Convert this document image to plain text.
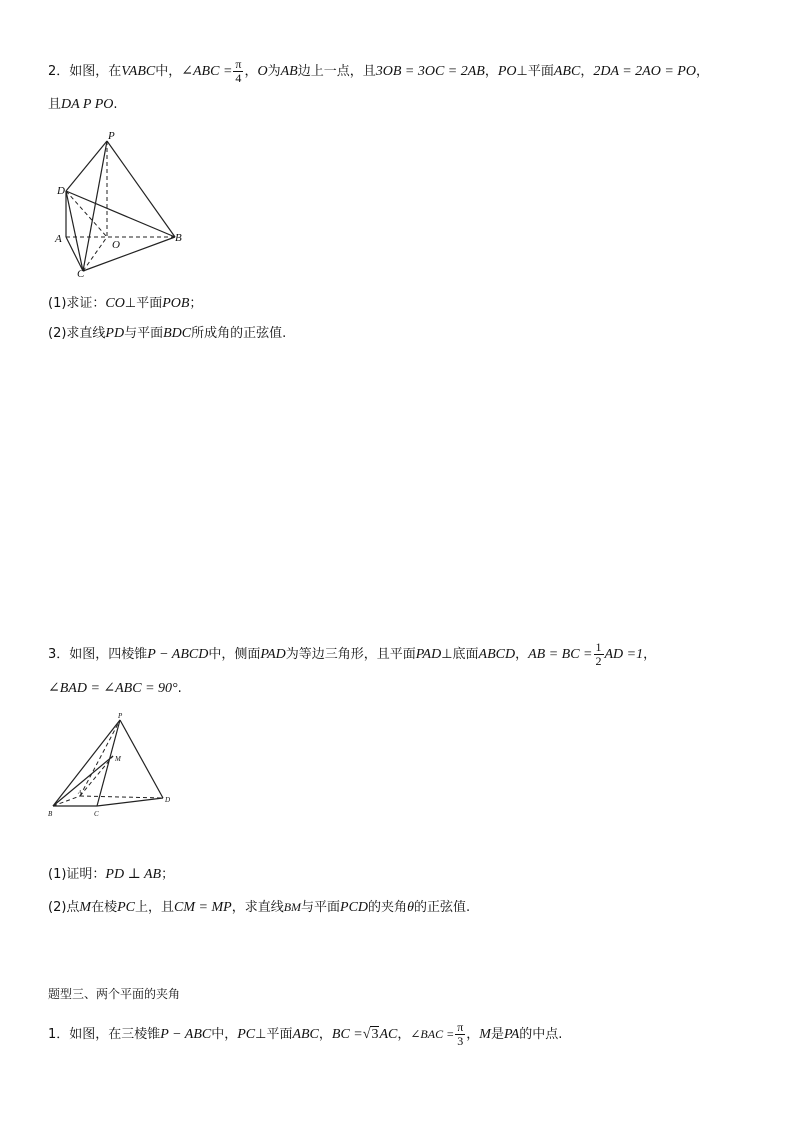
2．如图，在VABC中，∠ABC = $\frac{\pi}{4}$ ，O为AB边上一点，且3OB = 3OC = 2AB，PO⊥平面ABC，2DA = 2AO = PO，
且DA P PO.
P
D
A	O
B
C
(1)求证：CO⊥平面POB；
(2)求直线PD与平面BDC所成角的正弦值.
3．如图，四棱锥P − ABCD中，侧面PAD为等边三角形，且平面PAD⊥底面ABCD，AB = BC = $\frac{1}{2}$ AD =1，
∠BAD = ∠ABC = 90°.
P
M
A
B	C
D
(1)证明：PD ⊥ AB；
(2)点M在棱PC上，且CM = MP，求直线BM与平面PCD的夹角θ的正弦值.
题型三、两个平面的夹角
1．如图，在三棱锥P − ABC中，PC⊥平面ABC，BC =√3AC，∠BAC = $\frac{\pi}{3}$ ，M是PA的中点.
